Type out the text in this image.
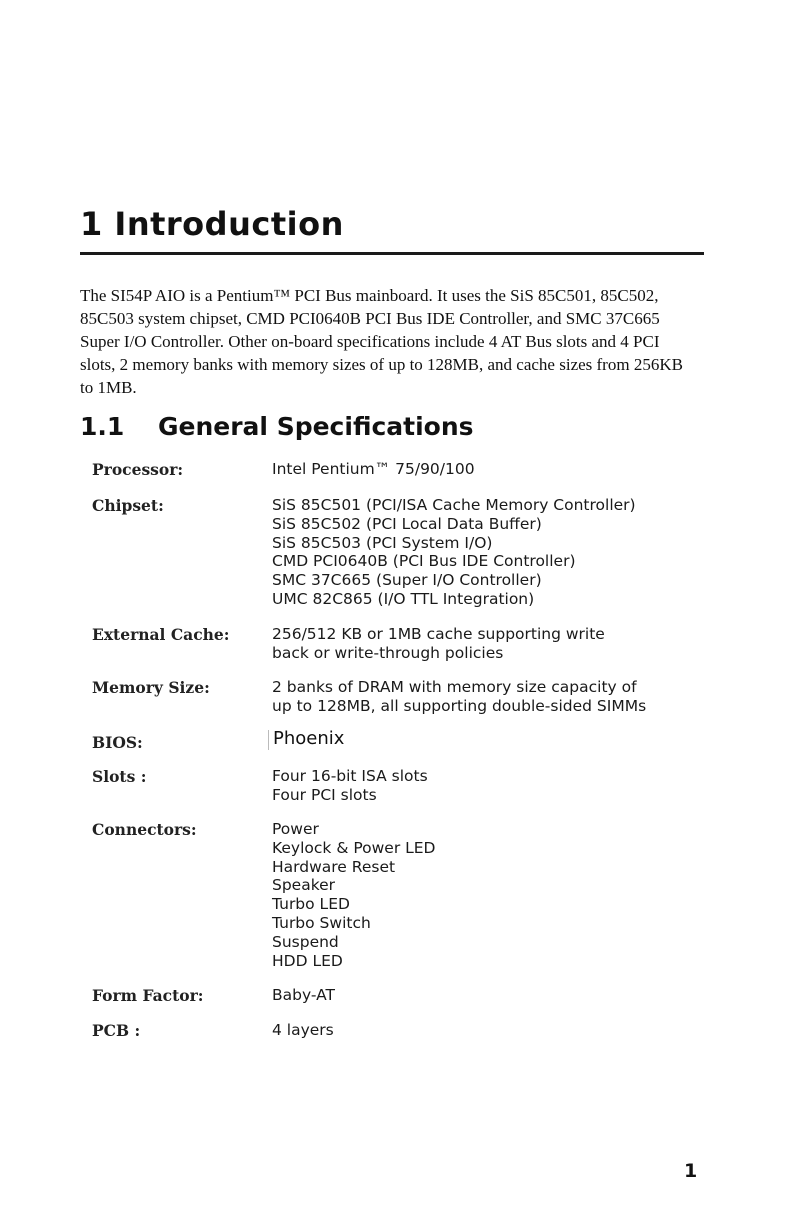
1 Introduction

The SI54P AIO is a Pentium™ PCI Bus mainboard. It uses the SiS 85C501, 85C502, 85C503 system chipset, CMD PCI0640B PCI Bus IDE Controller, and SMC 37C665 Super I/O Controller. Other on-board specifications include 4 AT Bus slots and 4 PCI slots, 2 memory banks with memory sizes of up to 128MB, and cache sizes from 256KB to 1MB.

1.1 General Specifications
Processor:	Intel Pentium™ 75/90/100
Chipset:	SiS 85C501 (PCI/ISA Cache Memory Controller)
SiS 85C502 (PCI Local Data Buffer)
SiS 85C503 (PCI System I/O)
CMD PCI0640B (PCI Bus IDE Controller)
SMC 37C665 (Super I/O Controller)
UMC 82C865 (I/O TTL Integration)
External Cache:	256/512 KB or 1MB cache supporting write
back or write-through policies
Memory Size:	2 banks of DRAM with memory size capacity of
up to 128MB, all supporting double-sided SIMMs
BIOS:	Phoenix
Slots :	Four 16-bit ISA slots
Four PCI slots
Connectors:	Power
Keylock & Power LED
Hardware Reset
Speaker
Turbo LED
Turbo Switch
Suspend
HDD LED
Form Factor:	Baby-AT
PCB :	4 layers
1
